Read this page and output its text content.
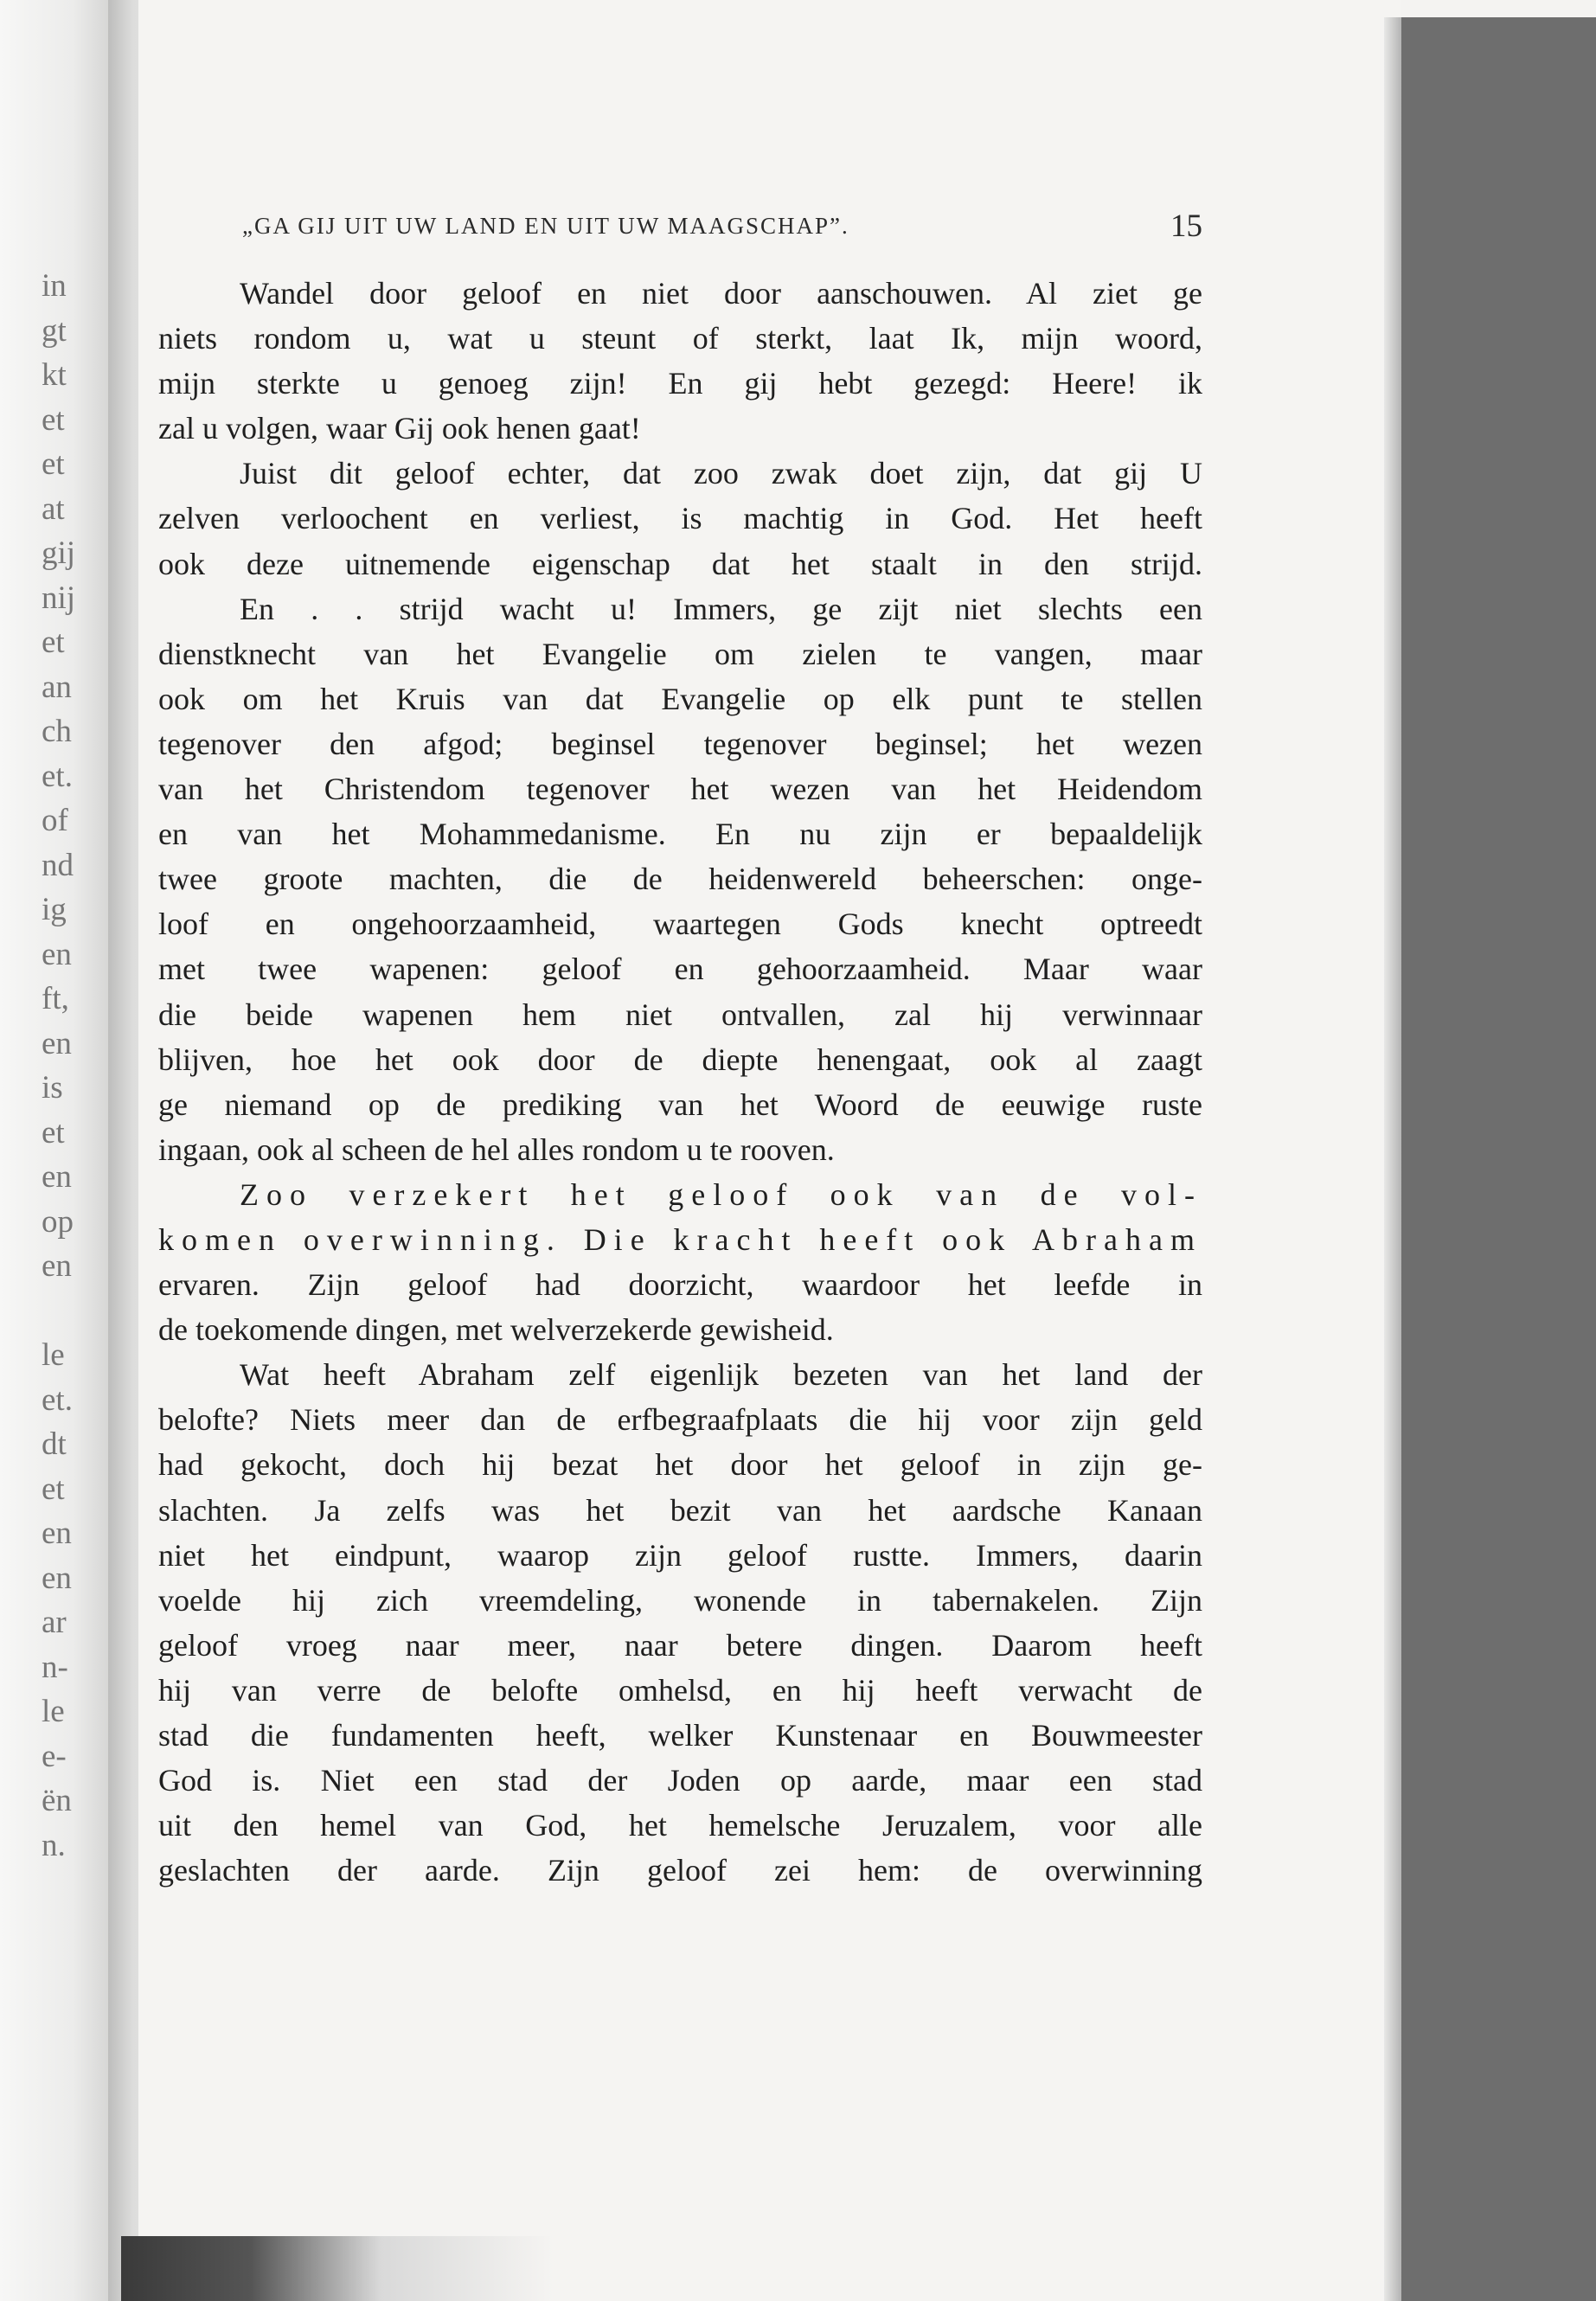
in
gt
kt
et
et
at
gij
nij
et
an
ch
et.
of
nd
ig
en
ft,
en
is
et
en
op
en
le
et.
dt
et
en
en
ar
n-
le
e-
ën
n.
„GA GIJ UIT UW LAND EN UIT UW MAAGSCHAP”.	15
Wandel door geloof en niet door aanschouwen. Al ziet ge
niets rondom u, wat u steunt of sterkt, laat Ik, mijn woord,
mijn sterkte u genoeg zijn! En gij hebt gezegd: Heere! ik
zal u volgen, waar Gij ook henen gaat!
Juist dit geloof echter, dat zoo zwak doet zijn, dat gij U
zelven verloochent en verliest, is machtig in God. Het heeft
ook deze uitnemende eigenschap dat het staalt in den strijd.
En . . strijd wacht u! Immers, ge zijt niet slechts een
dienstknecht van het Evangelie om zielen te vangen, maar
ook om het Kruis van dat Evangelie op elk punt te stellen
tegenover den afgod; beginsel tegenover beginsel; het wezen
van het Christendom tegenover het wezen van het Heidendom
en van het Mohammedanisme. En nu zijn er bepaaldelijk
twee groote machten, die de heidenwereld beheerschen: onge-
loof en ongehoorzaamheid, waartegen Gods knecht optreedt
met twee wapenen: geloof en gehoorzaamheid. Maar waar
die beide wapenen hem niet ontvallen, zal hij verwinnaar
blijven, hoe het ook door de diepte henengaat, ook al zaagt
ge niemand op de prediking van het Woord de eeuwige ruste
ingaan, ook al scheen de hel alles rondom u te rooven.
Zoo verzekert het geloof ook van de vol-
komen overwinning. Die kracht heeft ook Abraham
ervaren. Zijn geloof had doorzicht, waardoor het leefde in
de toekomende dingen, met welverzekerde gewisheid.
Wat heeft Abraham zelf eigenlijk bezeten van het land der
belofte? Niets meer dan de erfbegraafplaats die hij voor zijn geld
had gekocht, doch hij bezat het door het geloof in zijn ge-
slachten. Ja zelfs was het bezit van het aardsche Kanaan
niet het eindpunt, waarop zijn geloof rustte. Immers, daarin
voelde hij zich vreemdeling, wonende in tabernakelen. Zijn
geloof vroeg naar meer, naar betere dingen. Daarom heeft
hij van verre de belofte omhelsd, en hij heeft verwacht de
stad die fundamenten heeft, welker Kunstenaar en Bouwmeester
God is. Niet een stad der Joden op aarde, maar een stad
uit den hemel van God, het hemelsche Jeruzalem, voor alle
geslachten der aarde. Zijn geloof zei hem: de overwinning
